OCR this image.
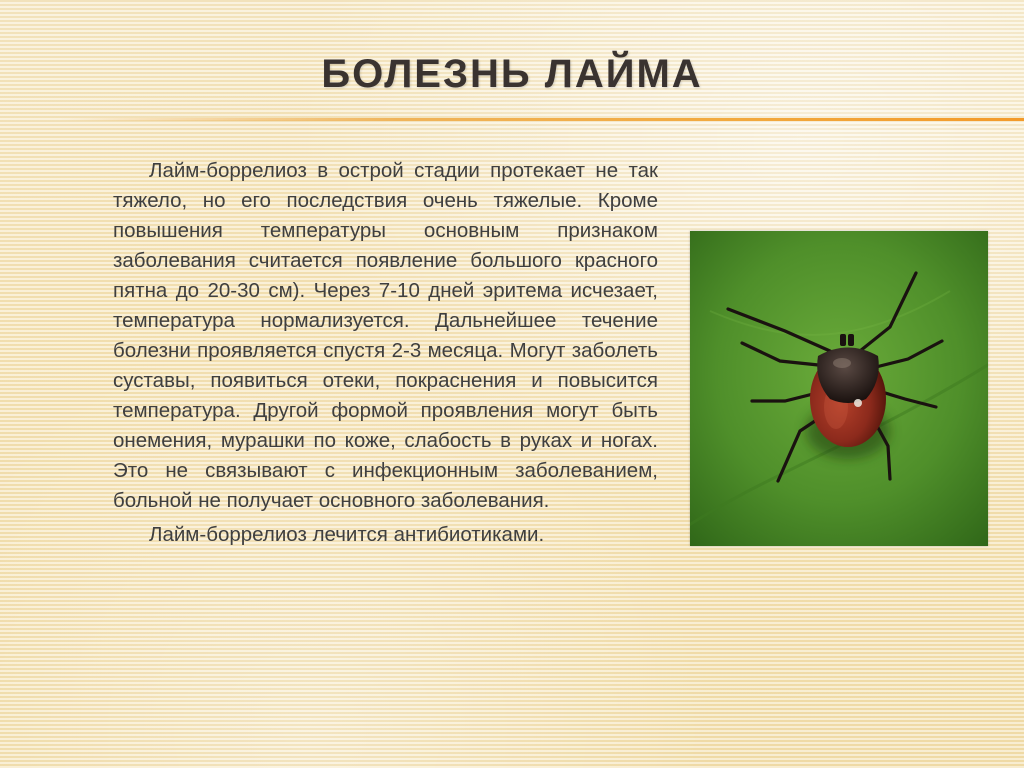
БОЛЕЗНЬ ЛАЙМА

Лайм-боррелиоз в острой стадии протекает не так тяжело, но его последствия очень тяжелые. Кроме повышения температуры основным признаком заболевания считается появление большого красного пятна до 20-30 см). Через 7-10 дней эритема исчезает, температура нормализуется. Дальнейшее течение болезни проявляется спустя 2-3 месяца. Могут заболеть суставы, появиться отеки, покраснения и повысится температура. Другой формой проявления могут быть онемения, мурашки по коже, слабость в руках и ногах. Это не связывают с инфекционным заболеванием, больной не получает основного заболевания.

Лайм-боррелиоз лечится антибиотиками.
